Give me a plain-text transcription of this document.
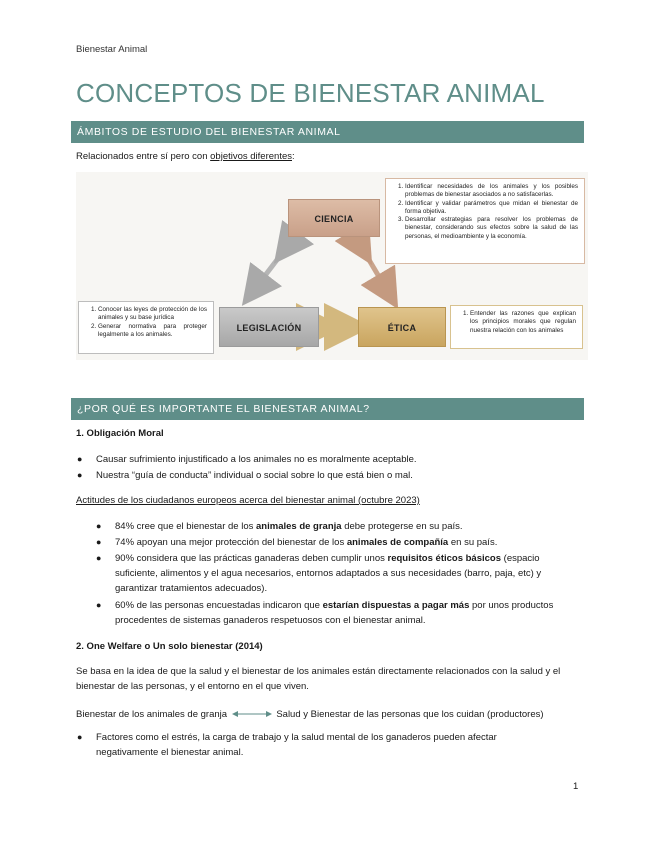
Bienestar Animal
CONCEPTOS DE BIENESTAR ANIMAL
ÁMBITOS DE ESTUDIO DEL BIENESTAR ANIMAL
Relacionados entre sí pero con objetivos diferentes:
CIENCIA
LEGISLACIÓN	ÉTICA
1. Identificar necesidades de los animales y los posibles problemas de bienestar asociados a no satisfacerlas.
2. Identificar y validar parámetros que midan el bienestar de forma objetiva.
3. Desarrollar estrategias para resolver los problemas de bienestar, considerando sus efectos sobre la salud de las personas, el medioambiente y la economía.
1. Conocer las leyes de protección de los animales y su base jurídica
2. Generar normativa para proteger legalmente a los animales.
1. Entender las razones que explican los principios morales que regulan nuestra relación con los animales
¿POR QUÉ ES IMPORTANTE EL BIENESTAR ANIMAL?
1. Obligación Moral
●	Causar sufrimiento injustificado a los animales no es moralmente aceptable.
●	Nuestra “guía de conducta” individual o social sobre lo que está bien o mal.
Actitudes de los ciudadanos europeos acerca del bienestar animal (octubre 2023)
●	84% cree que el bienestar de los animales de granja debe protegerse en su país.
●	74% apoyan una mejor protección del bienestar de los animales de compañía en su país.
●	90% considera que las prácticas ganaderas deben cumplir unos requisitos éticos básicos (espacio suficiente, alimentos y el agua necesarios, entornos adaptados a sus necesidades (barro, paja, etc) y garantizar tratamientos adecuados).
●	60% de las personas encuestadas indicaron que estarían dispuestas a pagar más por unos productos procedentes de sistemas ganaderos respetuosos con el bienestar animal.
2. One Welfare o Un solo bienestar (2014)
Se basa en la idea de que la salud y el bienestar de los animales están directamente relacionados con la salud y el bienestar de las personas, y el entorno en el que viven.
Bienestar de los animales de granja	Salud y Bienestar de las personas que los cuidan (productores)
●	Factores como el estrés, la carga de trabajo y la salud mental de los ganaderos pueden afectar negativamente el bienestar animal.
1
